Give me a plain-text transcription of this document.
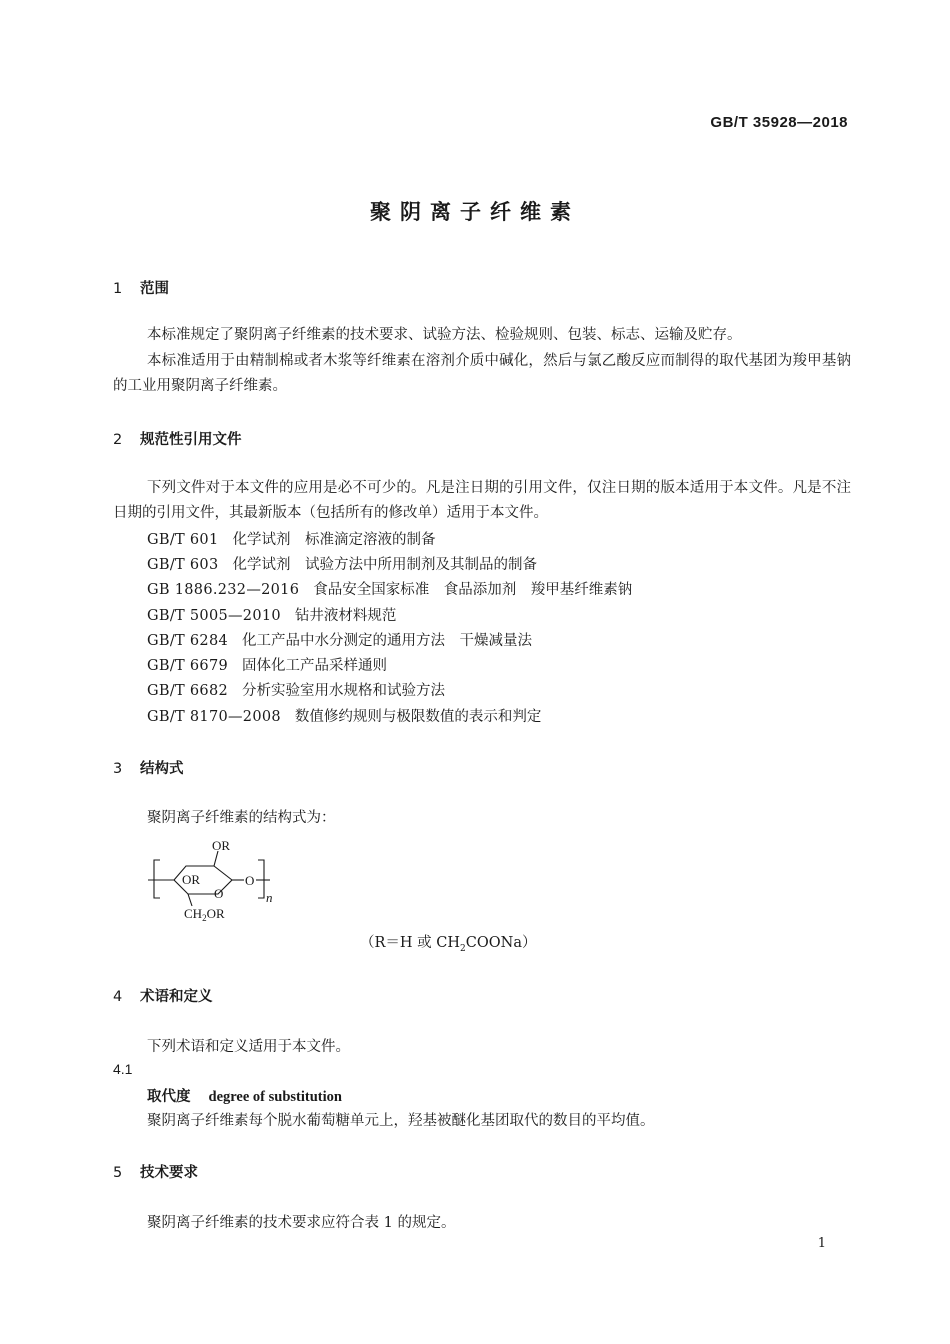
GB/T 35928—2018
聚阴离子纤维素
1 范围
本标准规定了聚阴离子纤维素的技术要求、试验方法、检验规则、包装、标志、运输及贮存。
本标准适用于由精制棉或者木浆等纤维素在溶剂介质中碱化，然后与氯乙酸反应而制得的取代基团为羧甲基钠的工业用聚阴离子纤维素。
2 规范性引用文件
下列文件对于本文件的应用是必不可少的。凡是注日期的引用文件，仅注日期的版本适用于本文件。凡是不注日期的引用文件，其最新版本（包括所有的修改单）适用于本文件。
GB/T 601 化学试剂　标准滴定溶液的制备
GB/T 603 化学试剂　试验方法中所用制剂及其制品的制备
GB 1886.232—2016 食品安全国家标准　食品添加剂　羧甲基纤维素钠
GB/T 5005—2010 钻井液材料规范
GB/T 6284 化工产品中水分测定的通用方法　干燥减量法
GB/T 6679 固体化工产品采样通则
GB/T 6682 分析实验室用水规格和试验方法
GB/T 8170—2008 数值修约规则与极限数值的表示和判定
3 结构式
聚阴离子纤维素的结构式为：
OR
OR
O
O
$CH_2OR$
n
（R＝H 或 $CH_2COONa$）
4 术语和定义
下列术语和定义适用于本文件。
4.1
取代度 degree of substitution
聚阴离子纤维素每个脱水葡萄糖单元上，羟基被醚化基团取代的数目的平均值。
5 技术要求
聚阴离子纤维素的技术要求应符合表 1 的规定。
1
